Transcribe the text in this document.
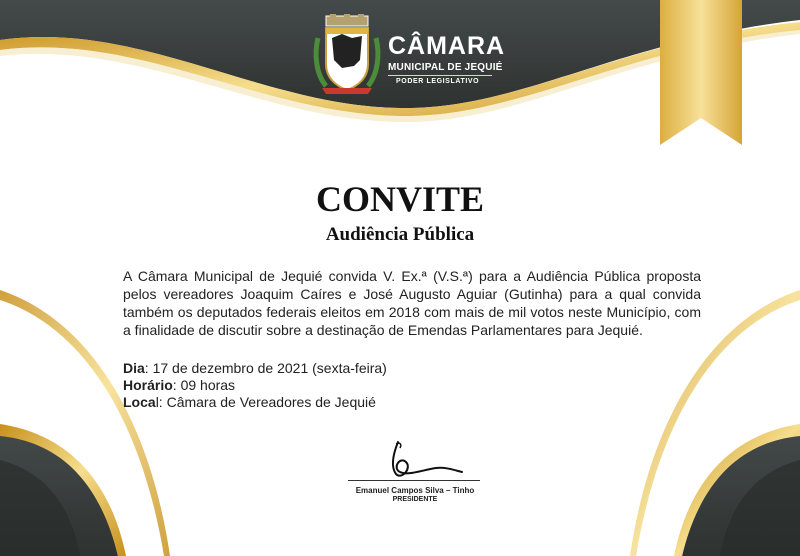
CÂMARA
MUNICIPAL DE JEQUIÉ
PODER LEGISLATIVO
CONVITE
Audiência Pública
A Câmara Municipal de Jequié convida V. Ex.ª (V.S.ª) para a Audiência Pública proposta pelos vereadores Joaquim Caíres e José Augusto Aguiar (Gutinha) para a qual convida também os deputados federais eleitos em 2018 com mais de mil votos neste Município, com a finalidade de discutir sobre a destinação de Emendas Parlamentares para Jequié.
Dia: 17 de dezembro de 2021 (sexta-feira)
Horário: 09 horas
Local: Câmara de Vereadores de Jequié
Emanuel Campos Silva – Tinho
PRESIDENTE
